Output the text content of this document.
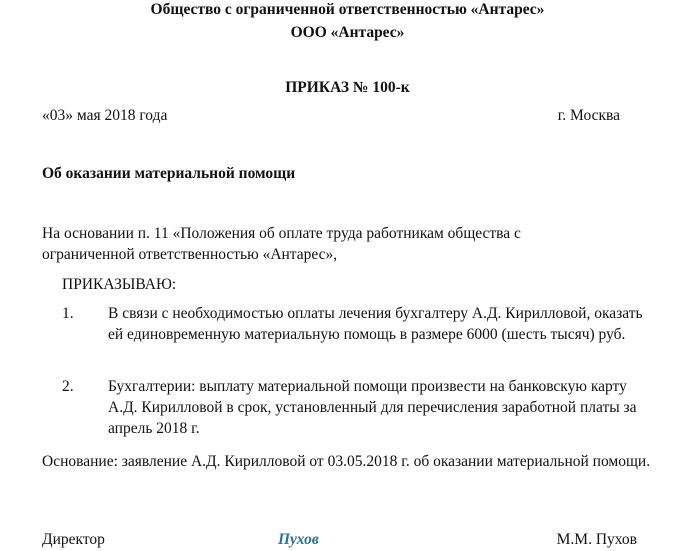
Общество с ограниченной ответственностью «Антарес»
ООО «Антарес»
ПРИКАЗ № 100-к
«03» мая 2018 года	г. Москва
Об оказании материальной помощи
На основании п. 11 «Положения об оплате труда работникам общества с ограниченной ответственностью «Антарес»,
ПРИКАЗЫВАЮ:
1. В связи с необходимостью оплаты лечения бухгалтеру А.Д. Кирилловой, оказать ей единовременную материальную помощь в размере 6000 (шесть тысяч) руб.
2. Бухгалтерии: выплату материальной помощи произвести на банковскую карту А.Д. Кирилловой в срок, установленный для перечисления заработной платы за апрель 2018 г.
Основание: заявление А.Д. Кирилловой от 03.05.2018 г. об оказании материальной помощи.
Директор	Пухов	М.М. Пухов
